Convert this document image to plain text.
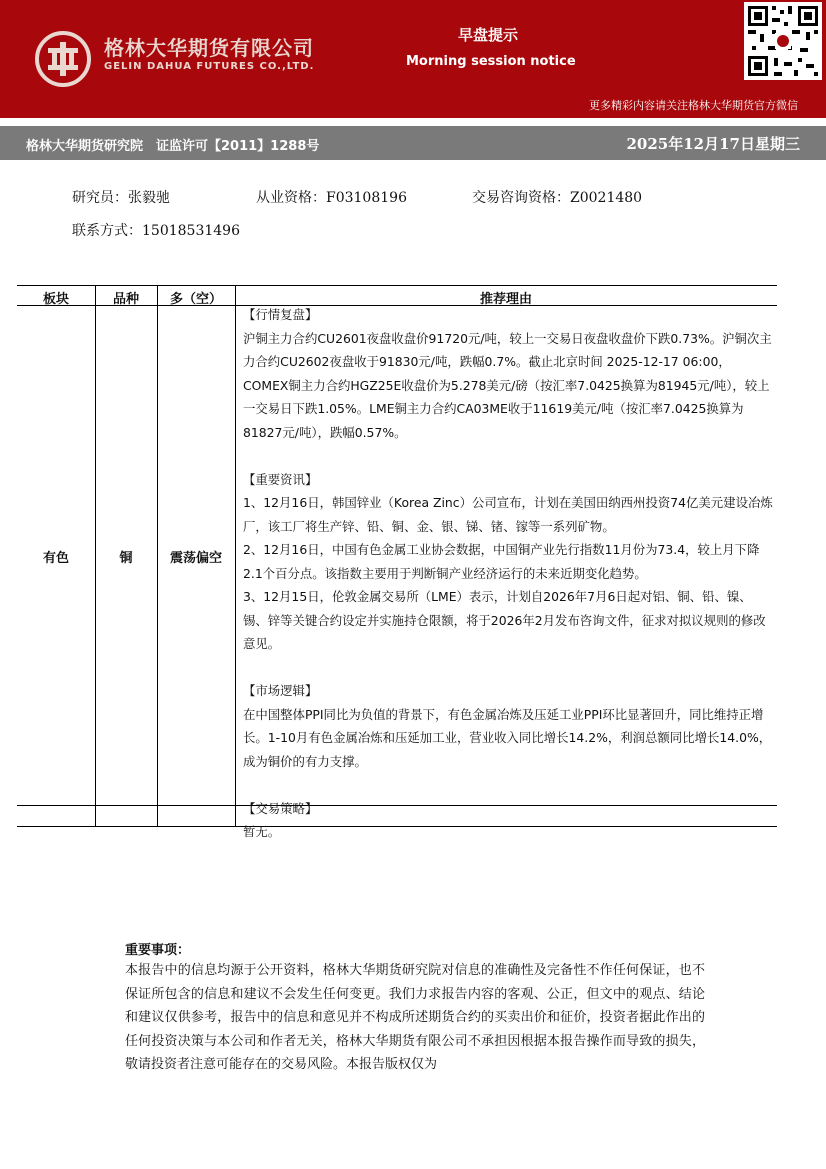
格林大华期货有限公司
GELIN DAHUA FUTURES CO.,LTD.
早盘提示
Morning session notice
更多精彩内容请关注格林大华期货官方微信
格林大华期货研究院　证监许可【2011】1288号	2025年12月17日星期三
研究员：张毅驰	从业资格：F03108196	交易咨询资格：Z0021480
联系方式：15018531496
板块	品种	多（空）	推荐理由
有色	铜	震荡偏空

【行情复盘】

沪铜主力合约CU2601夜盘收盘价91720元/吨，较上一交易日夜盘收盘价下跌0.73%。沪铜次主力合约CU2602夜盘收于91830元/吨，跌幅0.7%。截止北京时间 2025-12-17 06:00，COMEX铜主力合约HGZ25E收盘价为5.278美元/磅（按汇率7.0425换算为81945元/吨），较上一交易日下跌1.05%。LME铜主力合约CA03ME收于11619美元/吨（按汇率7.0425换算为81827元/吨），跌幅0.57%。

【重要资讯】

1、12月16日，韩国锌业（Korea Zinc）公司宣布，计划在美国田纳西州投资74亿美元建设冶炼厂，该工厂将生产锌、铅、铜、金、银、锑、锗、镓等一系列矿物。

2、12月16日，中国有色金属工业协会数据，中国铜产业先行指数11月份为73.4，较上月下降2.1个百分点。该指数主要用于判断铜产业经济运行的未来近期变化趋势。

3、12月15日，伦敦金属交易所（LME）表示，计划自2026年7月6日起对铝、铜、铅、镍、锡、锌等关键合约设定并实施持仓限额，将于2026年2月发布咨询文件，征求对拟议规则的修改意见。

【市场逻辑】

在中国整体PPI同比为负值的背景下，有色金属冶炼及压延工业PPI环比显著回升，同比维持正增长。1-10月有色金属冶炼和压延加工业，营业收入同比增长14.2%，利润总额同比增长14.0%，成为铜价的有力支撑。

【交易策略】

暂无。

重要事项：
本报告中的信息均源于公开资料，格林大华期货研究院对信息的准确性及完备性不作任何保证，也不保证所包含的信息和建议不会发生任何变更。我们力求报告内容的客观、公正，但文中的观点、结论和建议仅供参考，报告中的信息和意见并不构成所述期货合约的买卖出价和征价，投资者据此作出的任何投资决策与本公司和作者无关，格林大华期货有限公司不承担因根据本报告操作而导致的损失，敬请投资者注意可能存在的交易风险。本报告版权仅为
